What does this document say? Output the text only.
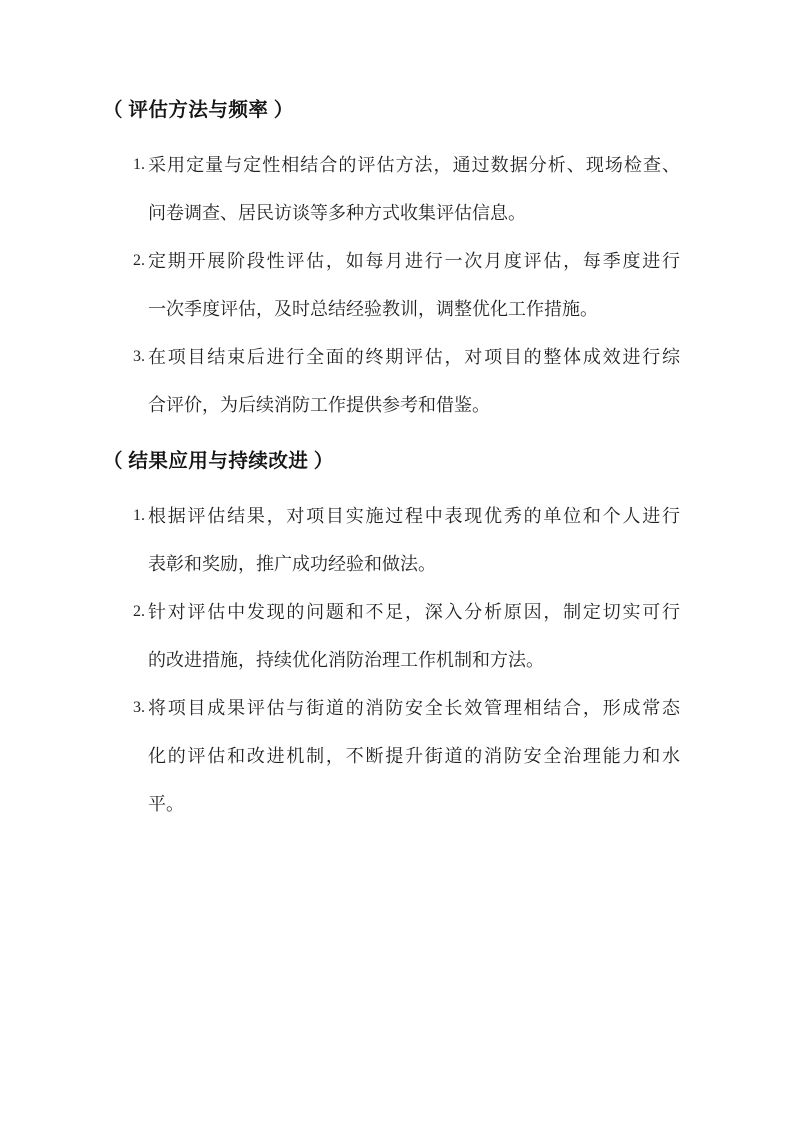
（ 评估方法与频率 ）
1. 采用定量与定性相结合的评估方法，通过数据分析、现场检查、
问卷调查、居民访谈等多种方式收集评估信息。
2. 定期开展阶段性评估，如每月进行一次月度评估，每季度进行
一次季度评估，及时总结经验教训，调整优化工作措施。
3. 在项目结束后进行全面的终期评估，对项目的整体成效进行综
合评价，为后续消防工作提供参考和借鉴。
（ 结果应用与持续改进 ）
1. 根据评估结果，对项目实施过程中表现优秀的单位和个人进行
表彰和奖励，推广成功经验和做法。
2. 针对评估中发现的问题和不足，深入分析原因，制定切实可行
的改进措施，持续优化消防治理工作机制和方法。
3. 将项目成果评估与街道的消防安全长效管理相结合，形成常态
化的评估和改进机制，不断提升街道的消防安全治理能力和水
平。
